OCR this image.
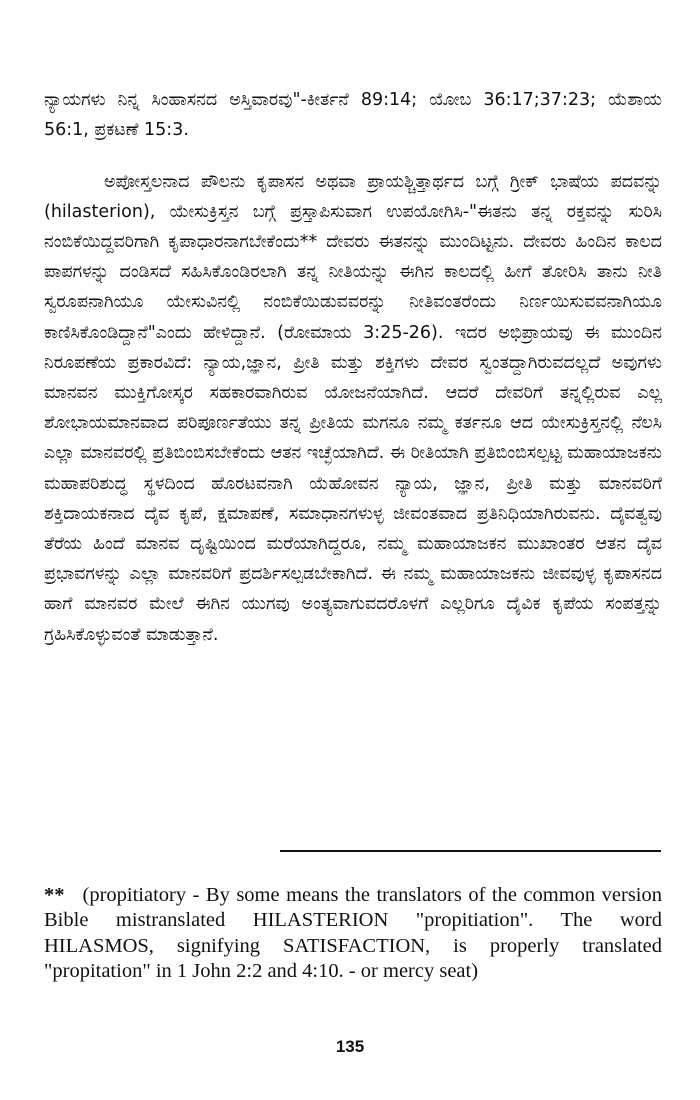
ನ್ಯಾಯಗಳು ನಿನ್ನ ಸಿಂಹಾಸನದ ಅಸ್ತಿವಾರವು"-ಕೀರ್ತನೆ 89:14; ಯೋಬ 36:17;37:23; ಯೆಶಾಯ 56:1, ಪ್ರಕಟಣೆ 15:3.

ಅಪೋಸ್ತಲನಾದ ಪೌಲನು ಕೃಪಾಸನ ಅಥವಾ ಪ್ರಾಯಶ್ಚಿತ್ತಾರ್ಥದ ಬಗ್ಗೆ ಗ್ರೀಕ್ ಭಾಷೆಯ ಪದವನ್ನು (hilasterion), ಯೇಸುಕ್ರಿಸ್ತನ ಬಗ್ಗೆ ಪ್ರಸ್ತಾಪಿಸುವಾಗ ಉಪಯೋಗಿಸಿ-"ಈತನು ತನ್ನ ರಕ್ತವನ್ನು ಸುರಿಸಿ ನಂಬಿಕೆಯಿದ್ದವರಿಗಾಗಿ ಕೃಪಾಧಾರನಾಗಬೇಕೆಂದು** ದೇವರು ಈತನನ್ನು ಮುಂದಿಟ್ಟನು. ದೇವರು ಹಿಂದಿನ ಕಾಲದ ಪಾಪಗಳನ್ನು ದಂಡಿಸದೆ ಸಹಿಸಿಕೊಂಡಿರಲಾಗಿ ತನ್ನ ನೀತಿಯನ್ನು ಈಗಿನ ಕಾಲದಲ್ಲಿ ಹೀಗೆ ತೋರಿಸಿ ತಾನು ನೀತಿ ಸ್ವರೂಪನಾಗಿಯೂ ಯೇಸುವಿನಲ್ಲಿ ನಂಬಿಕೆಯಿಡುವವರನ್ನು ನೀತಿವಂತರೆಂದು ನಿರ್ಣಯಿಸುವವನಾಗಿಯೂ ಕಾಣಿಸಿಕೊಂಡಿದ್ದಾನೆ"ಎಂದು ಹೇಳಿದ್ದಾನೆ. (ರೋಮಾಯ 3:25-26). ಇದರ ಅಭಿಪ್ರಾಯವು ಈ ಮುಂದಿನ ನಿರೂಪಣೆಯ ಪ್ರಕಾರವಿದೆ: ನ್ಯಾಯ,ಜ್ಞಾನ, ಪ್ರೀತಿ ಮತ್ತು ಶಕ್ತಿಗಳು ದೇವರ ಸ್ವಂತದ್ದಾಗಿರುವದಲ್ಲದೆ ಅವುಗಳು ಮಾನವನ ಮುಕ್ತಿಗೋಸ್ಕರ ಸಹಕಾರವಾಗಿರುವ ಯೋಜನೆಯಾಗಿದೆ. ಆದರೆ ದೇವರಿಗೆ ತನ್ನಲ್ಲಿರುವ ಎಲ್ಲ ಶೋಭಾಯಮಾನವಾದ ಪರಿಪೂರ್ಣತೆಯು ತನ್ನ ಪ್ರೀತಿಯ ಮಗನೂ ನಮ್ಮ ಕರ್ತನೂ ಆದ ಯೇಸುಕ್ರಿಸ್ತನಲ್ಲಿ ನೆಲಸಿ ಎಲ್ಲಾ ಮಾನವರಲ್ಲಿ ಪ್ರತಿಬಿಂಬಿಸಬೇಕೆಂದು ಆತನ ಇಚ್ಛೆಯಾಗಿದೆ. ಈ ರೀತಿಯಾಗಿ ಪ್ರತಿಬಿಂಬಿಸಲ್ಪಟ್ಟ ಮಹಾಯಾಜಕನು ಮಹಾಪರಿಶುದ್ಧ ಸ್ಥಳದಿಂದ ಹೊರಟವನಾಗಿ ಯೆಹೋವನ ನ್ಯಾಯ, ಜ್ಞಾನ, ಪ್ರೀತಿ ಮತ್ತು ಮಾನವರಿಗೆ ಶಕ್ತಿದಾಯಕನಾದ ದೈವ ಕೃಪೆ, ಕ್ಷಮಾಪಣೆ, ಸಮಾಧಾನಗಳುಳ್ಳ ಜೀವಂತವಾದ ಪ್ರತಿನಿಧಿಯಾಗಿರುವನು. ದೈವತ್ವವು ತೆರೆಯ ಹಿಂದೆ ಮಾನವ ದೃಷ್ಟಿಯಿಂದ ಮರೆಯಾಗಿದ್ದರೂ, ನಮ್ಮ ಮಹಾಯಾಜಕನ ಮುಖಾಂತರ ಆತನ ದೈವ ಪ್ರಭಾವಗಳನ್ನು ಎಲ್ಲಾ ಮಾನವರಿಗೆ ಪ್ರದರ್ಶಿಸಲ್ಪಡಬೇಕಾಗಿದೆ. ಈ ನಮ್ಮ ಮಹಾಯಾಜಕನು ಜೀವವುಳ್ಳ ಕೃಪಾಸನದ ಹಾಗೆ ಮಾನವರ ಮೇಲೆ ಈಗಿನ ಯುಗವು ಅಂತ್ಯವಾಗುವದರೊಳಗೆ ಎಲ್ಲರಿಗೂ ದೈವಿಕ ಕೃಪೆಯ ಸಂಪತ್ತನ್ನು ಗ್ರಹಿಸಿಕೊಳ್ಳುವಂತೆ ಮಾಡುತ್ತಾನೆ.

** (propitiatory - By some means the translators of the common version Bible mistranslated HILASTERION "propitiation". The word HILASMOS, signifying SATISFACTION, is properly translated "propitation" in 1 John 2:2 and 4:10. - or mercy seat)

135
